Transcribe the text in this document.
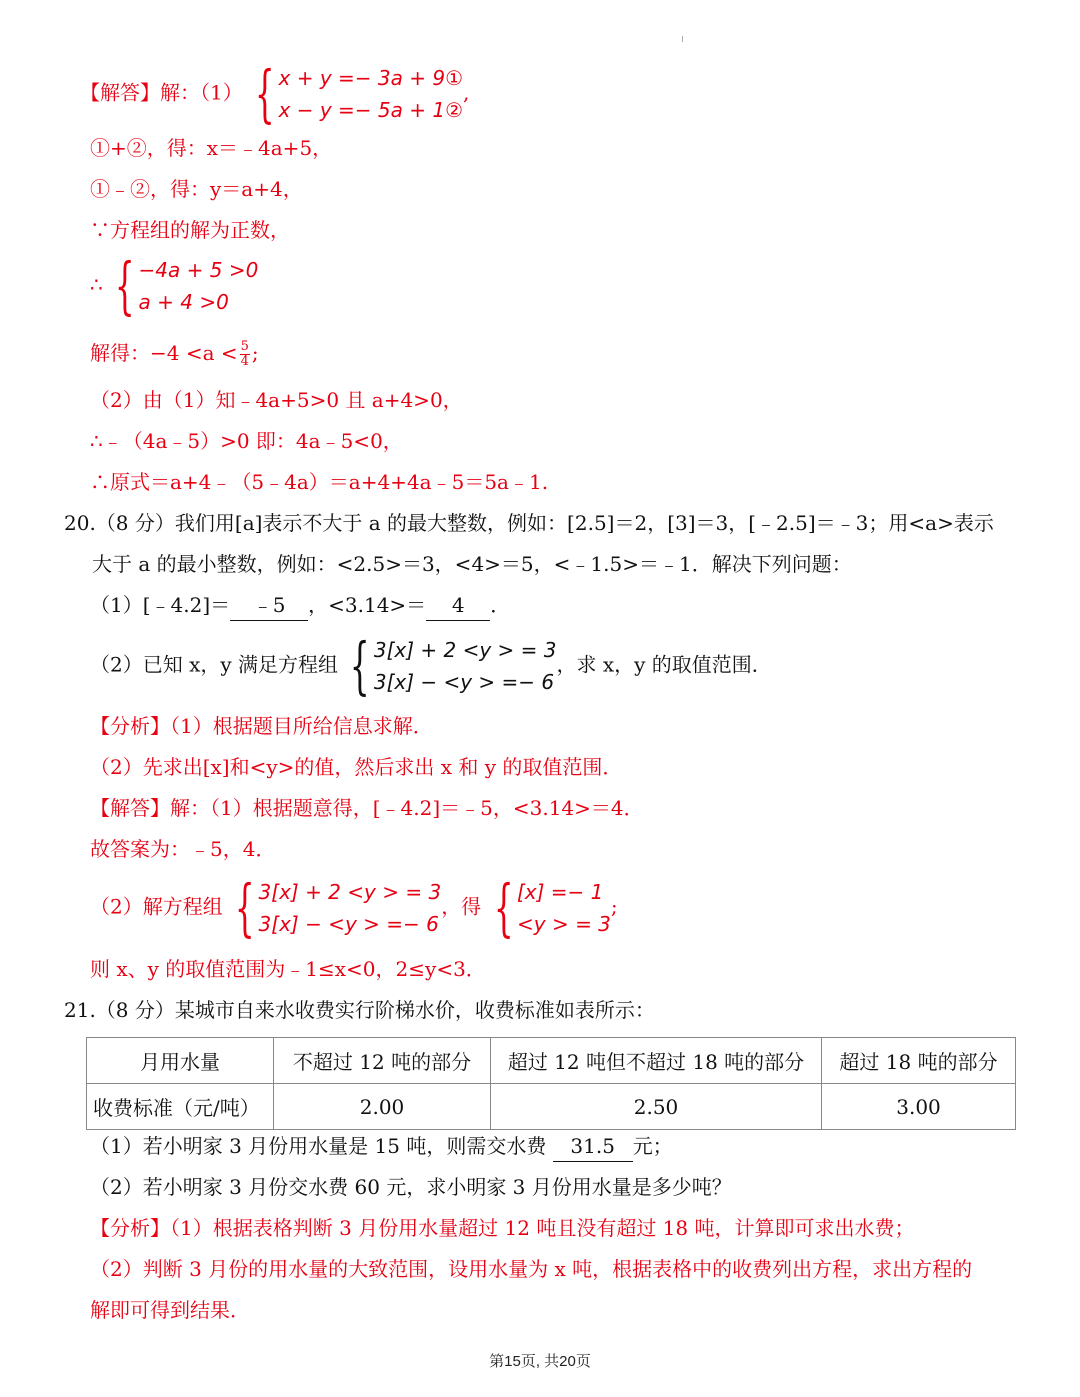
【解答】解：（1） { x + y =− 3a + 9①
x − y =− 5a + 1②
,
①+②，得：x＝﹣4a+5，
①﹣②，得：y＝a+4，
∵方程组的解为正数，
∴ { −4a + 5 >0
a + 4 >0
解得：$-4 <a < \frac{5}{4}$ ;
（2）由（1）知﹣4a+5>0 且 a+4>0，
∴﹣（4a﹣5）>0 即：4a﹣5<0，
∴原式＝a+4﹣（5﹣4a）＝a+4+4a﹣5＝5a﹣1.
20.（8 分）我们用[a]表示不大于 a 的最大整数，例如：[2.5]＝2，[3]＝3，[﹣2.5]＝﹣3；用<a>表示
大于 a 的最小整数，例如：<2.5>＝3，<4>＝5，<﹣1.5>＝﹣1．解决下列问题：
（1）[﹣4.2]＝ ﹣5 ，<3.14>＝ 4 ．
（2）已知 x，y 满足方程组 { 3[x] + 2 <y > = 3
3[x] − <y > =− 6
，求 x，y 的取值范围．
【分析】（1）根据题目所给信息求解．
（2）先求出[x]和<y>的值，然后求出 x 和 y 的取值范围．
【解答】解：（1）根据题意得，[﹣4.2]＝﹣5，<3.14>＝4．
故答案为：﹣5，4．
（2）解方程组 { 3[x] + 2 <y > = 3
3[x] − <y > =− 6
，得 { [x] =− 1
<y > = 3
;
则 x、y 的取值范围为﹣1≤x<0，2≤y<3．
21.（8 分）某城市自来水收费实行阶梯水价，收费标准如表所示：
月用水量	不超过 12 吨的部分	超过 12 吨但不超过 18 吨的部分	超过 18 吨的部分
收费标准（元/吨）	2.00	2.50	3.00
（1）若小明家 3 月份用水量是 15 吨，则需交水费 31.5 元；
（2）若小明家 3 月份交水费 60 元，求小明家 3 月份用水量是多少吨？
【分析】（1）根据表格判断 3 月份用水量超过 12 吨且没有超过 18 吨，计算即可求出水费；
（2）判断 3 月份的用水量的大致范围，设用水量为 x 吨，根据表格中的收费列出方程，求出方程的
解即可得到结果．
第15页, 共20页
